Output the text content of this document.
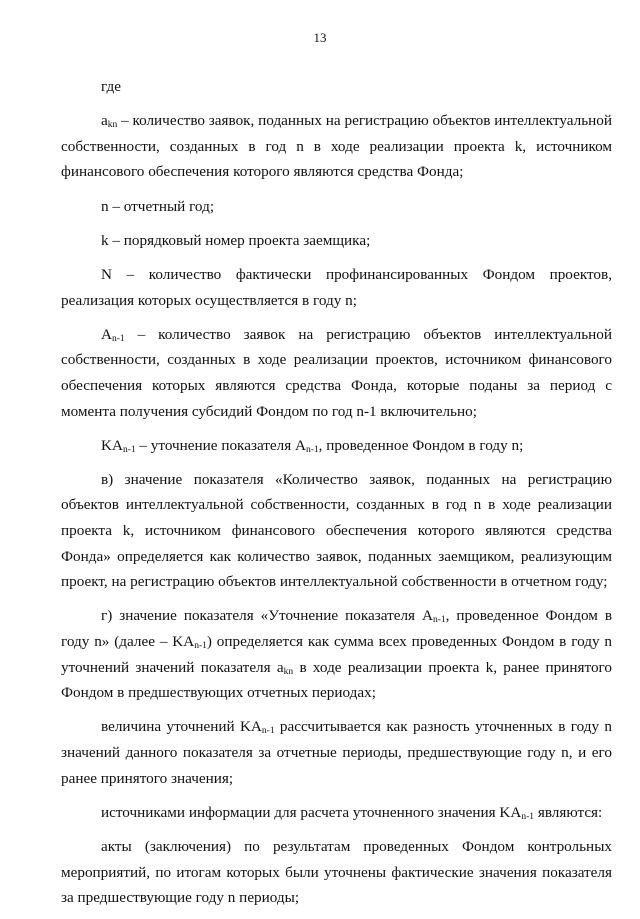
13

где

$a_{kn}$ – количество заявок, поданных на регистрацию объектов интеллектуальной собственности, созданных в год n в ходе реализации проекта k, источником финансового обеспечения которого являются средства Фонда;

n – отчетный год;

k – порядковый номер проекта заемщика;

N – количество фактически профинансированных Фондом проектов, реализация которых осуществляется в году n;

$A_{n-1}$ – количество заявок на регистрацию объектов интеллектуальной собственности, созданных в ходе реализации проектов, источником финансового обеспечения которых являются средства Фонда, которые поданы за период с момента получения субсидий Фондом по год n-1 включительно;

$KA_{n-1}$ – уточнение показателя $A_{n-1}$, проведенное Фондом в году n;

в) значение показателя «Количество заявок, поданных на регистрацию объектов интеллектуальной собственности, созданных в год n в ходе реализации проекта k, источником финансового обеспечения которого являются средства Фонда» определяется как количество заявок, поданных заемщиком, реализующим проект, на регистрацию объектов интеллектуальной собственности в отчетном году;

г) значение показателя «Уточнение показателя $A_{n-1}$, проведенное Фондом в году n» (далее – $KA_{n-1}$) определяется как сумма всех проведенных Фондом в году n уточнений значений показателя $a_{kn}$ в ходе реализации проекта k, ранее принятого Фондом в предшествующих отчетных периодах;

величина уточнений $KA_{n-1}$ рассчитывается как разность уточненных в году n значений данного показателя за отчетные периоды, предшествующие году n, и его ранее принятого значения;

источниками информации для расчета уточненного значения $KA_{n-1}$ являются:

акты (заключения) по результатам проведенных Фондом контрольных мероприятий, по итогам которых были уточнены фактические значения показателя за предшествующие году n периоды;
